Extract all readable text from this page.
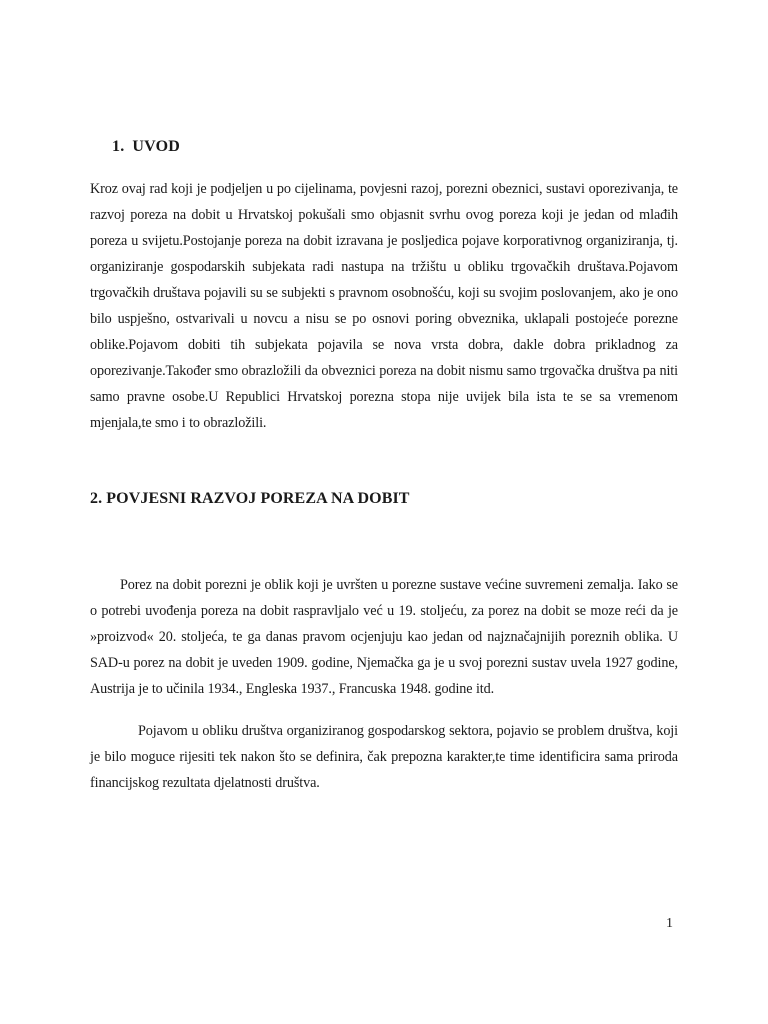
1. UVOD

Kroz ovaj rad koji je podjeljen u po cijelinama, povjesni razoj, porezni obeznici, sustavi oporezivanja, te razvoj poreza na dobit u Hrvatskoj pokušali smo objasnit svrhu ovog poreza koji je jedan od mlađih poreza u svijetu.Postojanje poreza na dobit izravana je posljedica pojave korporativnog organiziranja, tj. organiziranje gospodarskih subjekata radi nastupa na tržištu u obliku trgovačkih društava.Pojavom trgovačkih društava pojavili su se subjekti s pravnom osobnošću, koji su svojim poslovanjem, ako je ono bilo uspješno, ostvarivali u novcu a nisu se po osnovi poring obveznika, uklapali postojeće porezne oblike.Pojavom dobiti tih subjekata pojavila se nova vrsta dobra, dakle dobra prikladnog za oporezivanje.Također smo obrazložili da obveznici poreza na dobit nismu samo trgovačka društva pa niti samo pravne osobe.U Republici Hrvatskoj porezna stopa nije uvijek bila ista te se sa vremenom mjenjala,te smo i to obrazložili.

2. POVJESNI RAZVOJ POREZA NA DOBIT

Porez na dobit porezni je oblik koji je uvršten u porezne sustave većine suvremeni zemalja. Iako se o potrebi uvođenja poreza na dobit raspravljalo već u 19. stoljeću, za porez na dobit se moze reći da je »proizvod« 20. stoljeća, te ga danas pravom ocjenjuju kao jedan od najznačajnijih poreznih oblika. U SAD-u porez na dobit je uveden 1909. godine, Njemačka ga je u svoj porezni sustav uvela 1927 godine, Austrija je to učinila 1934., Engleska 1937., Francuska 1948. godine itd.

Pojavom u obliku društva organiziranog gospodarskog sektora, pojavio se problem društva, koji je bilo moguce rijesiti tek nakon što se definira, čak prepozna karakter,te time identificira sama priroda financijskog rezultata djelatnosti društva.

1
